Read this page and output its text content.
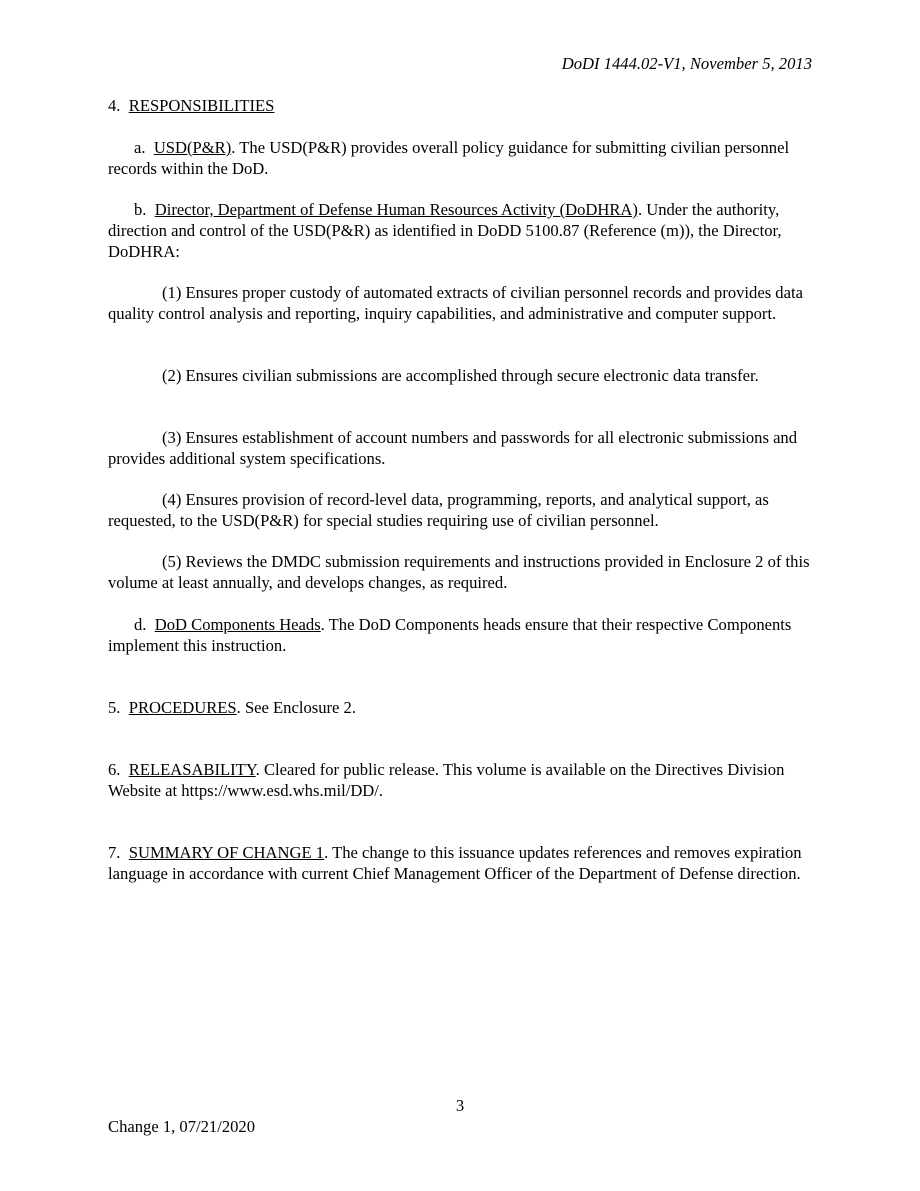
DoDI 1444.02-V1, November 5, 2013
4. RESPONSIBILITIES
a. USD(P&R). The USD(P&R) provides overall policy guidance for submitting civilian personnel records within the DoD.
b. Director, Department of Defense Human Resources Activity (DoDHRA). Under the authority, direction and control of the USD(P&R) as identified in DoDD 5100.87 (Reference (m)), the Director, DoDHRA:
(1) Ensures proper custody of automated extracts of civilian personnel records and provides data quality control analysis and reporting, inquiry capabilities, and administrative and computer support.
(2) Ensures civilian submissions are accomplished through secure electronic data transfer.
(3) Ensures establishment of account numbers and passwords for all electronic submissions and provides additional system specifications.
(4) Ensures provision of record-level data, programming, reports, and analytical support, as requested, to the USD(P&R) for special studies requiring use of civilian personnel.
(5) Reviews the DMDC submission requirements and instructions provided in Enclosure 2 of this volume at least annually, and develops changes, as required.
d. DoD Components Heads. The DoD Components heads ensure that their respective Components implement this instruction.
5. PROCEDURES. See Enclosure 2.
6. RELEASABILITY. Cleared for public release. This volume is available on the Directives Division Website at https://www.esd.whs.mil/DD/.
7. SUMMARY OF CHANGE 1. The change to this issuance updates references and removes expiration language in accordance with current Chief Management Officer of the Department of Defense direction.
3
Change 1, 07/21/2020
